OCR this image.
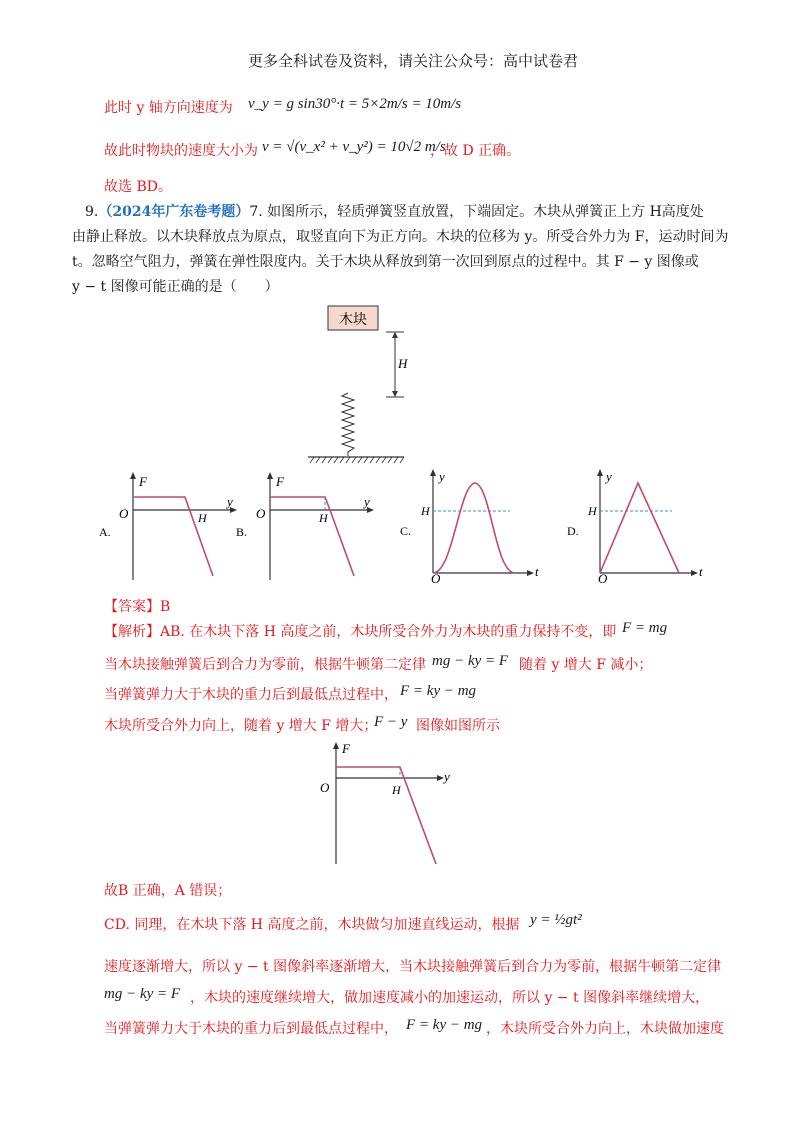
更多全科试卷及资料，请关注公众号：高中试卷君
此时 y 轴方向速度为 v_y = g sin30°·t = 5×2m/s = 10m/s
故此时物块的速度大小为 v = √(v_x² + v_y²) = 10√2 m/s
，故 D 正确。
故选 BD。
9.（2024年广东卷考题）7. 如图所示，轻质弹簧竖直放置，下端固定。木块从弹簧正上方 H高度处
由静止释放。以木块释放点为原点，取竖直向下为正方向。木块的位移为 y。所受合外力为 F，运动时间为
t。忽略空气阻力，弹簧在弹性限度内。关于木块从释放到第一次回到原点的过程中。其 F − y 图像或
y − t 图像可能正确的是（　　）
木块
H
F
y
O	H
A.
F
y
O	H
B.
y
t
O
H
C.
y
t
O
H
D.
【答案】B
【解析】AB. 在木块下落 H 高度之前，木块所受合外力为木块的重力保持不变，即 F = mg
当木块接触弹簧后到合力为零前，根据牛顿第二定律 mg − ky = F 随着 y 增大 F 减小；
当弹簧弹力大于木块的重力后到最低点过程中， F = ky − mg
木块所受合外力向上，随着 y 增大 F 增大；
F − y 图像如图所示
F
y
O	H
故B 正确，A 错误；
CD. 同理，在木块下落 H 高度之前，木块做匀加速直线运动，根据 y = ½gt²
速度逐渐增大，所以 y − t 图像斜率逐渐增大，当木块接触弹簧后到合力为零前，根据牛顿第二定律
mg − ky = F ，木块的速度继续增大，做加速度减小的加速运动，所以 y − t 图像斜率继续增大，
当弹簧弹力大于木块的重力后到最低点过程中， F = ky − mg ，木块所受合外力向上，木块做加速度
